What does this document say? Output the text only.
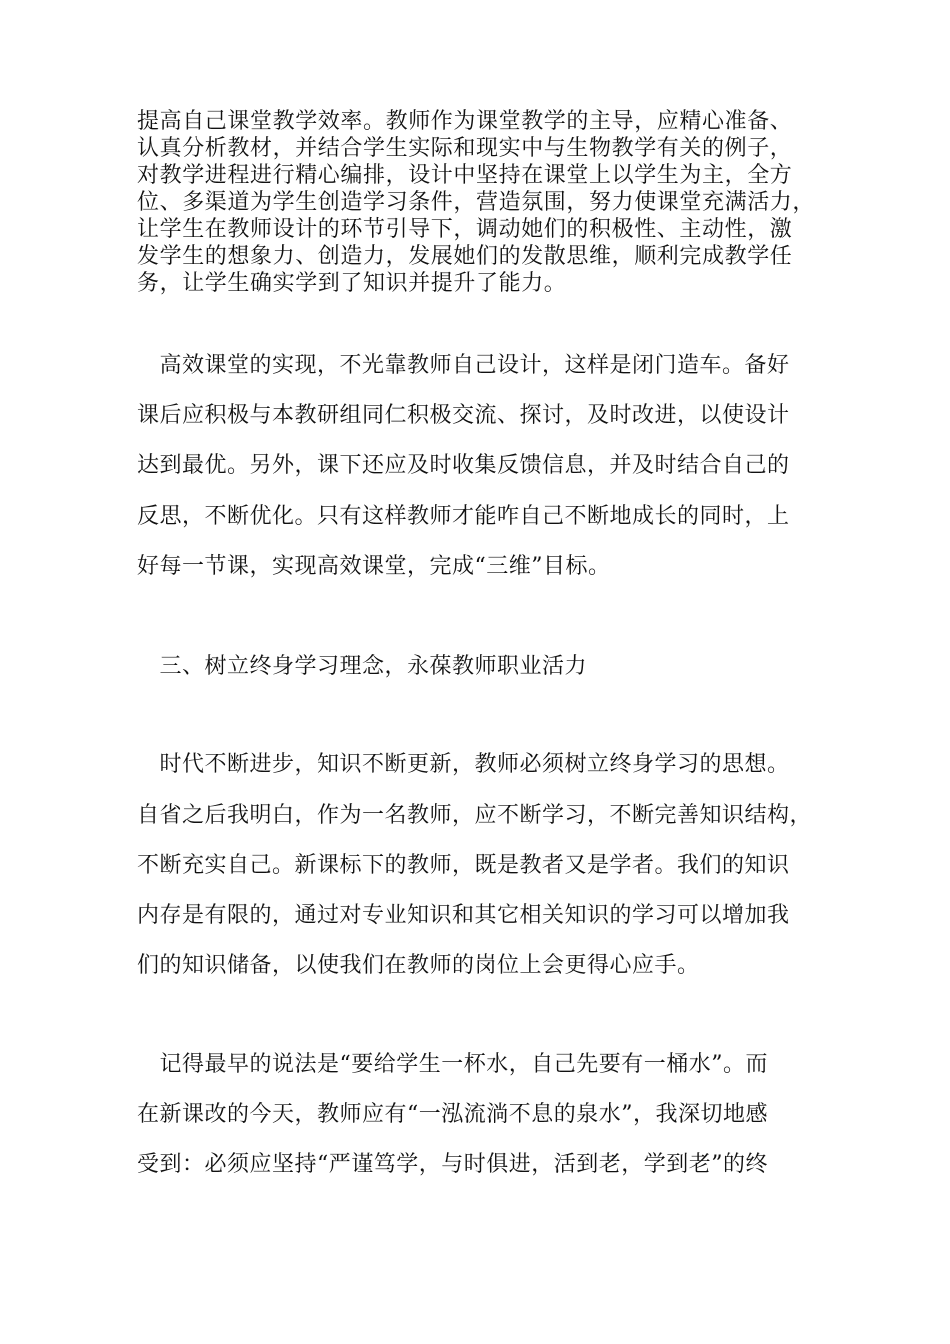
提高自己课堂教学效率。教师作为课堂教学的主导，应精心准备、
认真分析教材，并结合学生实际和现实中与生物教学有关的例子，
对教学进程进行精心编排，设计中坚持在课堂上以学生为主，全方
位、多渠道为学生创造学习条件，营造氛围，努力使课堂充满活力，
让学生在教师设计的环节引导下，调动她们的积极性、主动性，激
发学生的想象力、创造力，发展她们的发散思维，顺利完成教学任
务，让学生确实学到了知识并提升了能力。
　高效课堂的实现，不光靠教师自己设计，这样是闭门造车。备好
课后应积极与本教研组同仁积极交流、探讨，及时改进，以使设计
达到最优。另外，课下还应及时收集反馈信息，并及时结合自己的
反思，不断优化。只有这样教师才能咋自己不断地成长的同时，上
好每一节课，实现高效课堂，完成“三维”目标。
　三、树立终身学习理念，永葆教师职业活力
　时代不断进步，知识不断更新，教师必须树立终身学习的思想。
自省之后我明白，作为一名教师，应不断学习，不断完善知识结构，
不断充实自己。新课标下的教师，既是教者又是学者。我们的知识
内存是有限的，通过对专业知识和其它相关知识的学习可以增加我
们的知识储备，以使我们在教师的岗位上会更得心应手。
　记得最早的说法是“要给学生一杯水，自己先要有一桶水”。而
在新课改的今天，教师应有“一泓流淌不息的泉水”，我深切地感
受到：必须应坚持“严谨笃学，与时俱进，活到老，学到老”的终
